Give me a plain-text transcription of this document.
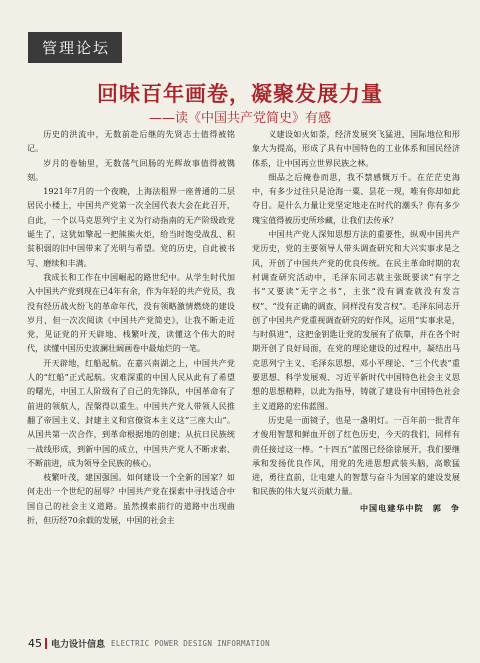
管理论坛
回味百年画卷，凝聚发展力量
——读《中国共产党简史》有感

历史的洪流中，无数前赴后继的先贤志士值得被铭记。

岁月的卷轴里，无数荡气回肠的光辉故事值得被镌刻。

1921年7月的一个夜晚，上海法租界一座普通的二层居民小楼上，中国共产党第一次全国代表大会在此召开，自此，一个以马克思列宁主义为行动指南的无产阶级政党诞生了，这犹如擎起一把熊熊火炬，给当时饱受战乱、积贫积弱的旧中国带来了光明与希望。党的历史，自此被书写、磨续和丰满。

我成长和工作在中国崛起的路世纪中。从学生时代加入中国共产党到现在已4年有余，作为年轻的共产党员，我没有经历战火纷飞的革命年代，没有领略激情燃烧的建设岁月，但一次次阅读《中国共产党简史》，让我不断走近党，见证党的开天辟地、栈繁叶茂，读懂这个伟大的时代，读懂中国历史波澜壮阔画卷中最灿烂的一笔。

开天辟地，红船起航。在嘉兴南湖之上，中国共产党人的“红船”正式起航。灾难深重的中国人民从此有了希望的曙光，中国工人阶级有了自己的先锋队，中国革命有了前进的领航人，涅槃得以重生。中国共产党人带领人民推翻了帝国主义、封建主义和官僚资本主义这“三座大山”。从国共第一次合作，到革命根据地的创建；从抗日民族统一战线形成，到新中国的成立，中国共产党人不断求索、不断前进，成为领导全民族的核心。

枝繁叶茂，建国强国。如何建设一个全新的国家？如何走出一个世纪的屈辱？中国共产党在探索中寻找适合中国自己的社会主义道路。虽然摸索前行的道路中出现曲折，但历经70余载的发展，中国的社会主

义建设如火如荼，经济发展突飞猛进，国际地位和形象大为提高，形成了具有中国特色的工业体系和国民经济体系，让中国再立世界民族之林。

细品之后掩卷而思，我不禁感慨万千。在茫茫史海中，有多少过往只是沧海一粟、昙花一现，唯有你却如此夺目。是什么力量让党坚定地走在时代的潮头？你有多少瑰宝值得被历史所珍藏，让我们去传承？

中国共产党人深知思想方法的重要性，纵观中国共产党历史，党的主要领导人带头调查研究和大兴实事求是之风，开创了中国共产党的优良传统。在民主革命时期的农村调查研究活动中，毛泽东同志就主张既要读“有字之书”又要读“无字之书”，主张“没有调查就没有发言权”、“没有正确的调查，同样没有发言权”。毛泽东同志开创了中国共产党重视调查研究的好作风，运用“实事求是，与时俱进”，这把金钥匙让党的发展有了依靠，并在各个时期开创了良好局面，在党的理论建设的过程中，凝结出马克思列宁主义、毛泽东思想、邓小平理论、“三个代表”重要思想、科学发展观、习近平新时代中国特色社会主义思想的思想精粹，以此为指导，铸就了建设有中国特色社会主义道路的宏伟蓝图。

历史是一面镜子，也是一盏明灯。一百年前一批青年才俊用智慧和鲜血开创了红色历史，今天的我们，同样有责任接过这一棒。“十四五”蓝图已经徐徐展开，我们要继承和发扬优良作风，用党的先进思想武装头脑，高歌猛进，勇往直前，让电建人的智慧与奋斗为国家的建设发展和民族的伟大复兴贡献力量。

中国电建华中院　郭　争
45 电力设计信息 ELECTRIC POWER DESIGN INFORMATION
